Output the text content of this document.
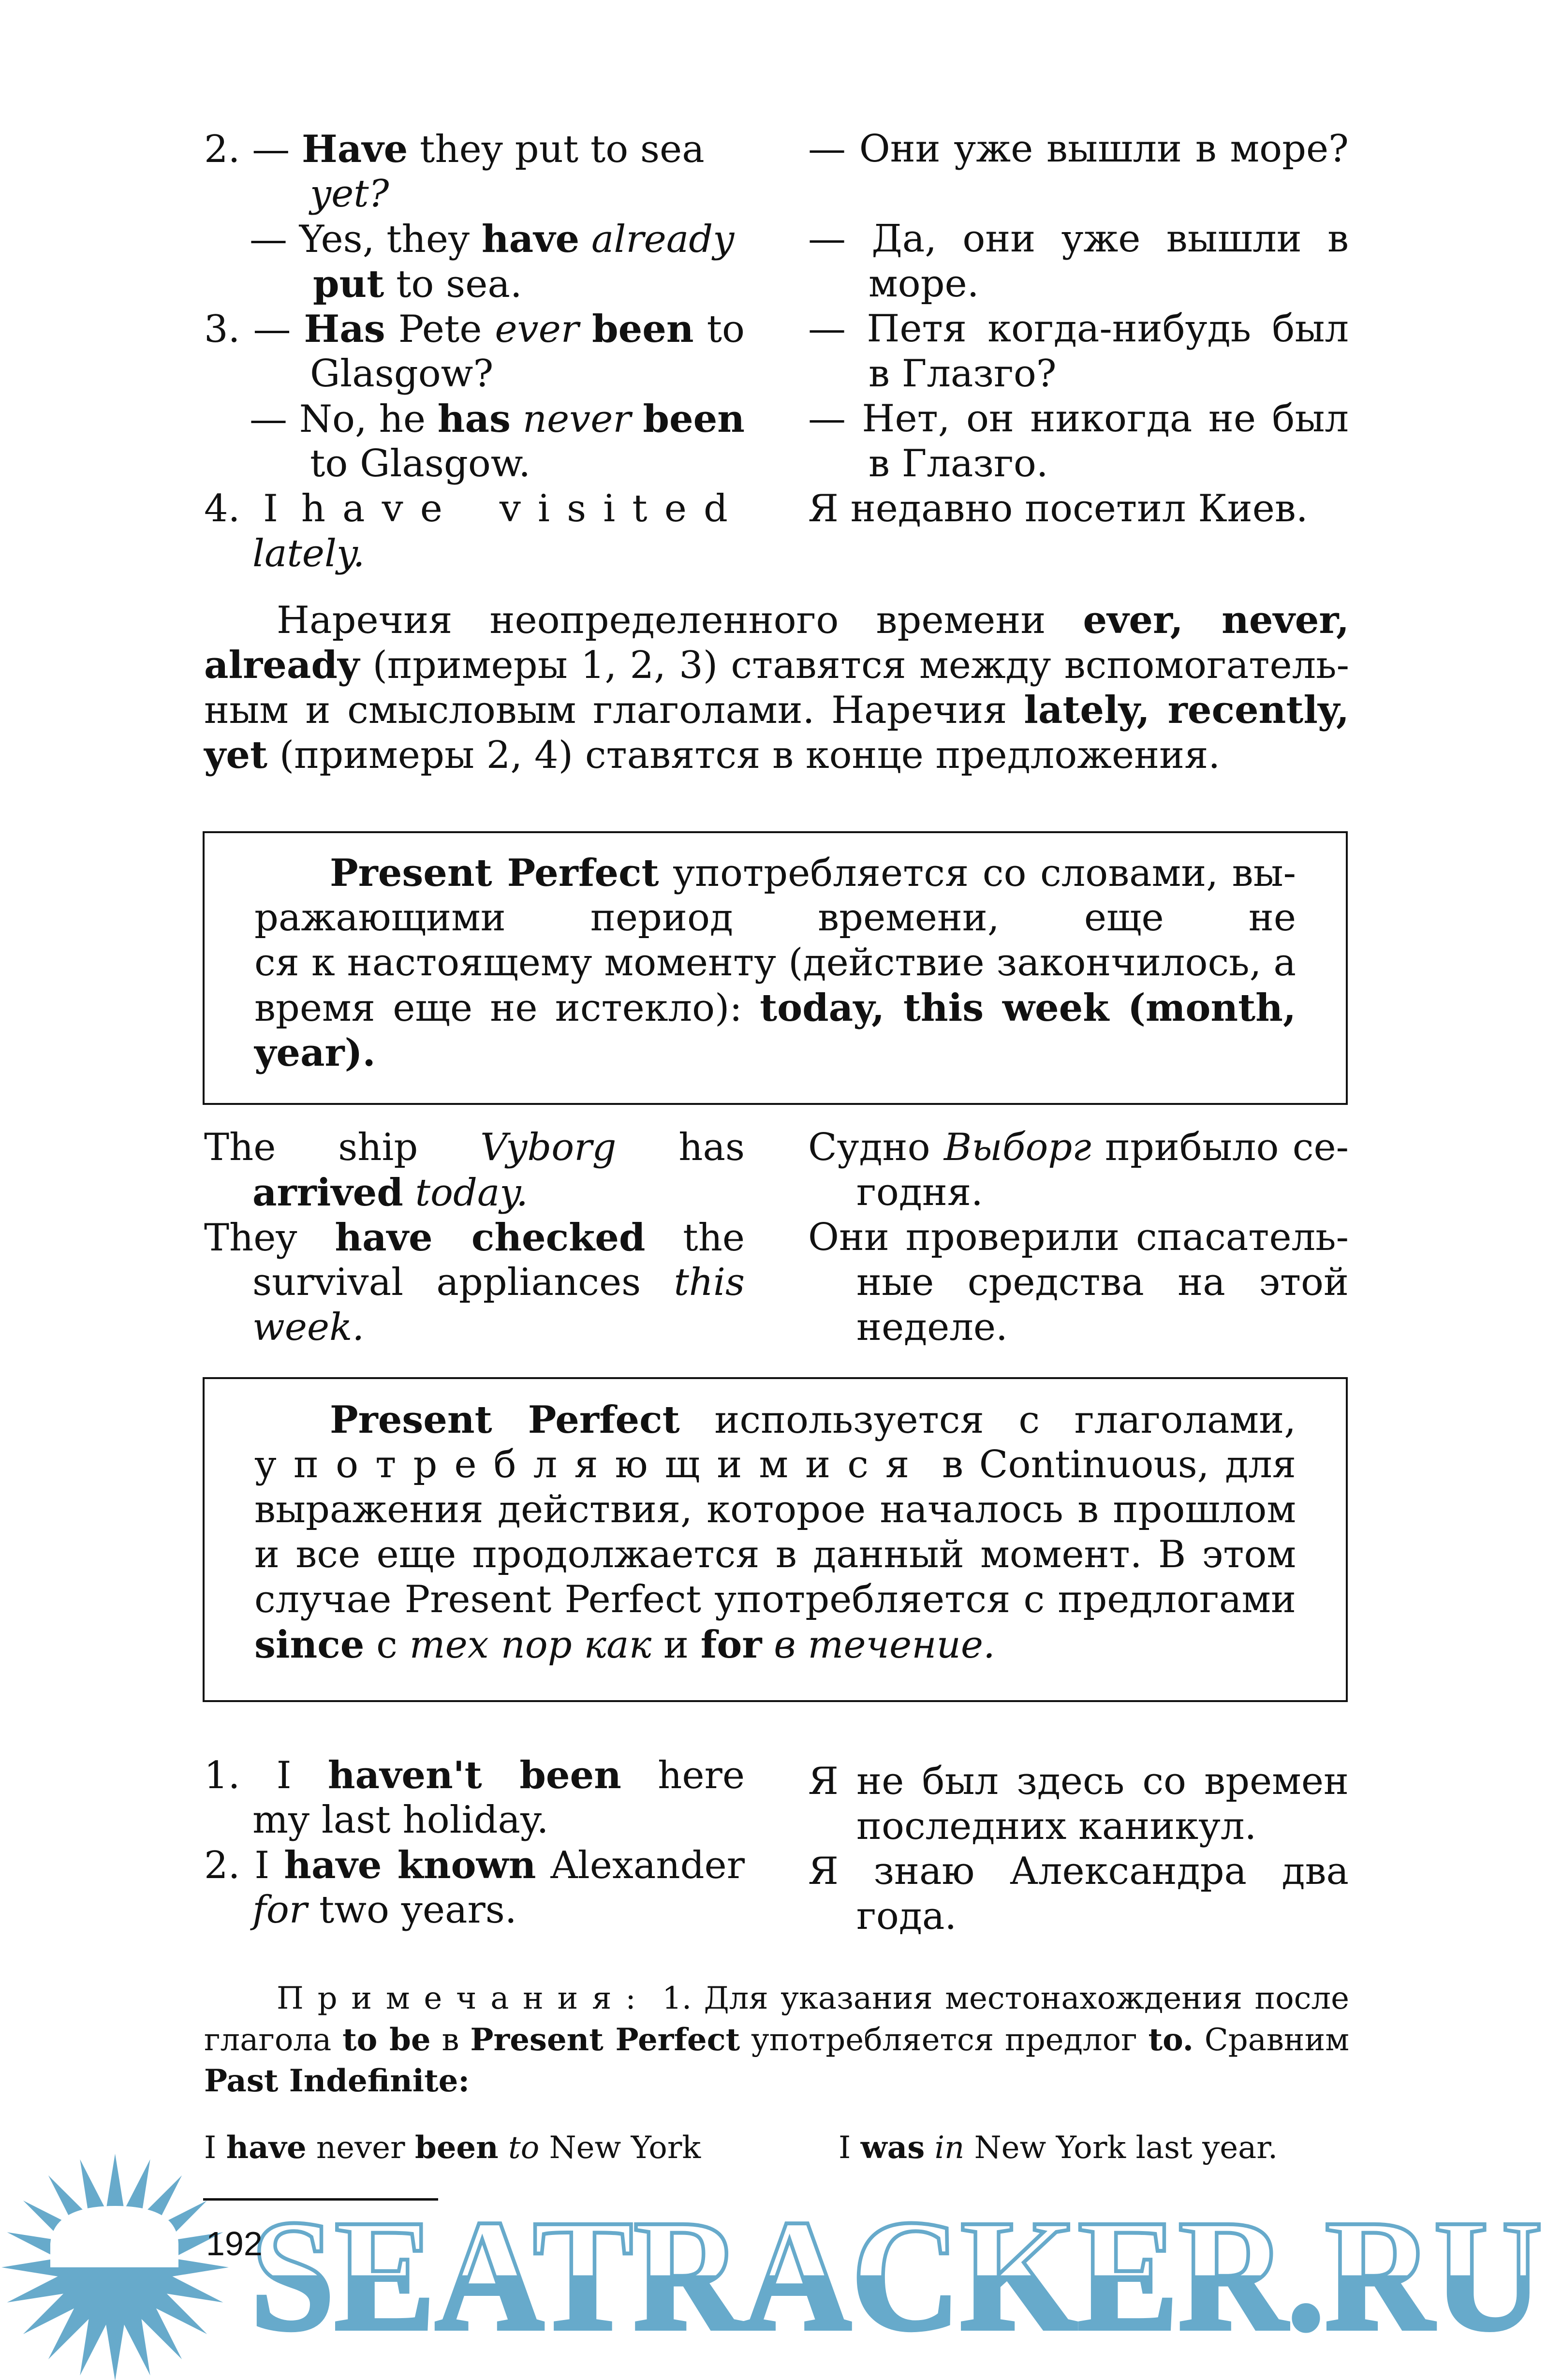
2. — Have they put to sea
yet?
— Yes, they have already
put to sea.
3. — Has Pete ever been to
Glasgow?
— No, he has never been
to Glasgow.
4. I have visited
lately.
— Они уже вышли в море?
— Да, они уже вышли в
море.
— Петя когда-нибудь был
в Глазго?
— Нет, он никогда не был
в Глазго.
Я недавно посетил Киев.
Наречия неопределенного времени ever, never,
already (примеры 1, 2, 3) ставятся между вспомогатель-
ным и смысловым глаголами. Наречия lately, recently,
yet (примеры 2, 4) ставятся в конце предложения.
Present Perfect употребляется со словами, вы-
ражающими период времени, еще не
ся к настоящему моменту (действие закончилось, а
время еще не истекло): today, this week (month,
year).
The ship Vyborg has
arrived today.
They have checked the
survival appliances this
week.
Судно Выборг прибыло се-
годня.
Они проверили спасатель-
ные средства на этой
неделе.
Present Perfect используется с глаголами,
употребляющимися в Continuous, для
выражения действия, которое началось в прошлом
и все еще продолжается в данный момент. В этом
случае Present Perfect употребляется с предлогами
since с тех пор как и for в течение.
1. I haven't been here
my last holiday.
2. I have known Alexander
for two years.
Я не был здесь со времен
последних каникул.
Я знаю Александра два
года.
Примечания: 1. Для указания местонахождения после
глагола to be в Present Perfect употребляется предлог to. Сравним
Past Indefinite:
I have never been to New York	I was in New York last year.
SEATRACKER.RU
192
